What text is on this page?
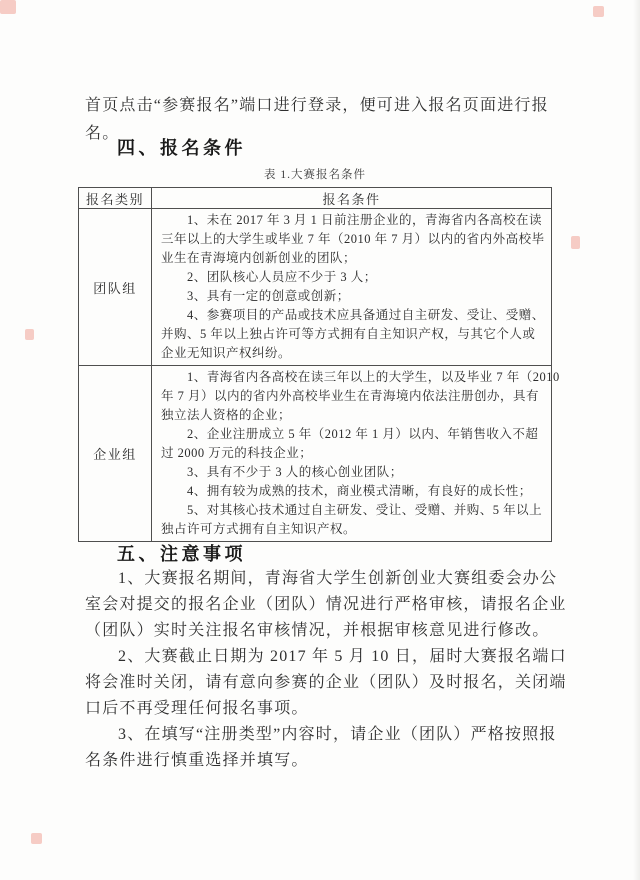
首页点击“参赛报名”端口进行登录，便可进入报名页面进行报
名。

四、报名条件
表 1.大赛报名条件
报名类别	报名条件
团队组	
1、未在 2017 年 3 月 1 日前注册企业的，青海省内各高校在读
三年以上的大学生或毕业 7 年（2010 年 7 月）以内的省内外高校毕
业生在青海境内创新创业的团队；
2、团队核心人员应不少于 3 人；
3、具有一定的创意或创新；
4、参赛项目的产品或技术应具备通过自主研发、受让、受赠、
并购、5 年以上独占许可等方式拥有自主知识产权，与其它个人或
企业无知识产权纠纷。

企业组	
1、青海省内各高校在读三年以上的大学生，以及毕业 7 年（2010
年 7 月）以内的省内外高校毕业生在青海境内依法注册创办，具有
独立法人资格的企业；
2、企业注册成立 5 年（2012 年 1 月）以内、年销售收入不超
过 2000 万元的科技企业；
3、具有不少于 3 人的核心创业团队；
4、拥有较为成熟的技术，商业模式清晰，有良好的成长性；
5、对其核心技术通过自主研发、受让、受赠、并购、5 年以上
独占许可方式拥有自主知识产权。
五、注意事项

1、大赛报名期间，青海省大学生创新创业大赛组委会办公
室会对提交的报名企业（团队）情况进行严格审核，请报名企业
（团队）实时关注报名审核情况，并根据审核意见进行修改。

2、大赛截止日期为 2017 年 5 月 10 日，届时大赛报名端口
将会准时关闭，请有意向参赛的企业（团队）及时报名，关闭端
口后不再受理任何报名事项。

3、在填写“注册类型”内容时，请企业（团队）严格按照报
名条件进行慎重选择并填写。
